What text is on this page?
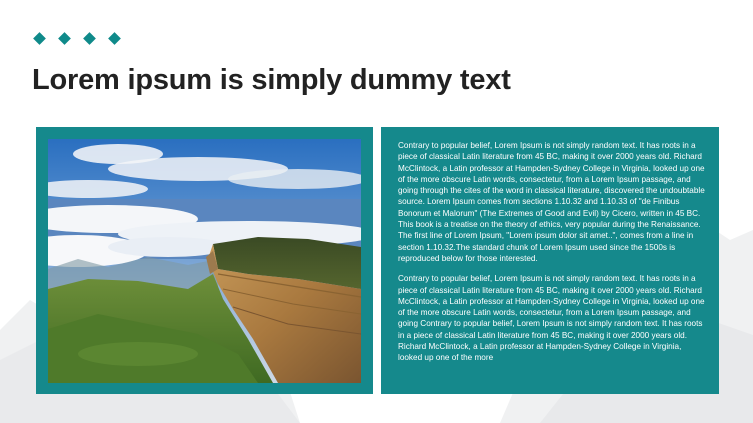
Lorem ipsum is simply dummy text

Contrary to popular belief, Lorem Ipsum is not simply random text. It has roots in a piece of classical Latin literature from 45 BC, making it over 2000 years old. Richard McClintock, a Latin professor at Hampden-Sydney College in Virginia, looked up one of the more obscure Latin words, consectetur, from a Lorem Ipsum passage, and going through the cites of the word in classical literature, discovered the undoubtable source. Lorem Ipsum comes from sections 1.10.32 and 1.10.33 of "de Finibus Bonorum et Malorum" (The Extremes of Good and Evil) by Cicero, written in 45 BC. This book is a treatise on the theory of ethics, very popular during the Renaissance. The first line of Lorem Ipsum, "Lorem ipsum dolor sit amet..", comes from a line in section 1.10.32.The standard chunk of Lorem Ipsum used since the 1500s is reproduced below for those interested.

Contrary to popular belief, Lorem Ipsum is not simply random text. It has roots in a piece of classical Latin literature from 45 BC, making it over 2000 years old. Richard McClintock, a Latin professor at Hampden-Sydney College in Virginia, looked up one of the more obscure Latin words, consectetur, from a Lorem Ipsum passage, and going Contrary to popular belief, Lorem Ipsum is not simply random text. It has roots in a piece of classical Latin literature from 45 BC, making it over 2000 years old. Richard McClintock, a Latin professor at Hampden-Sydney College in Virginia, looked up one of the more
